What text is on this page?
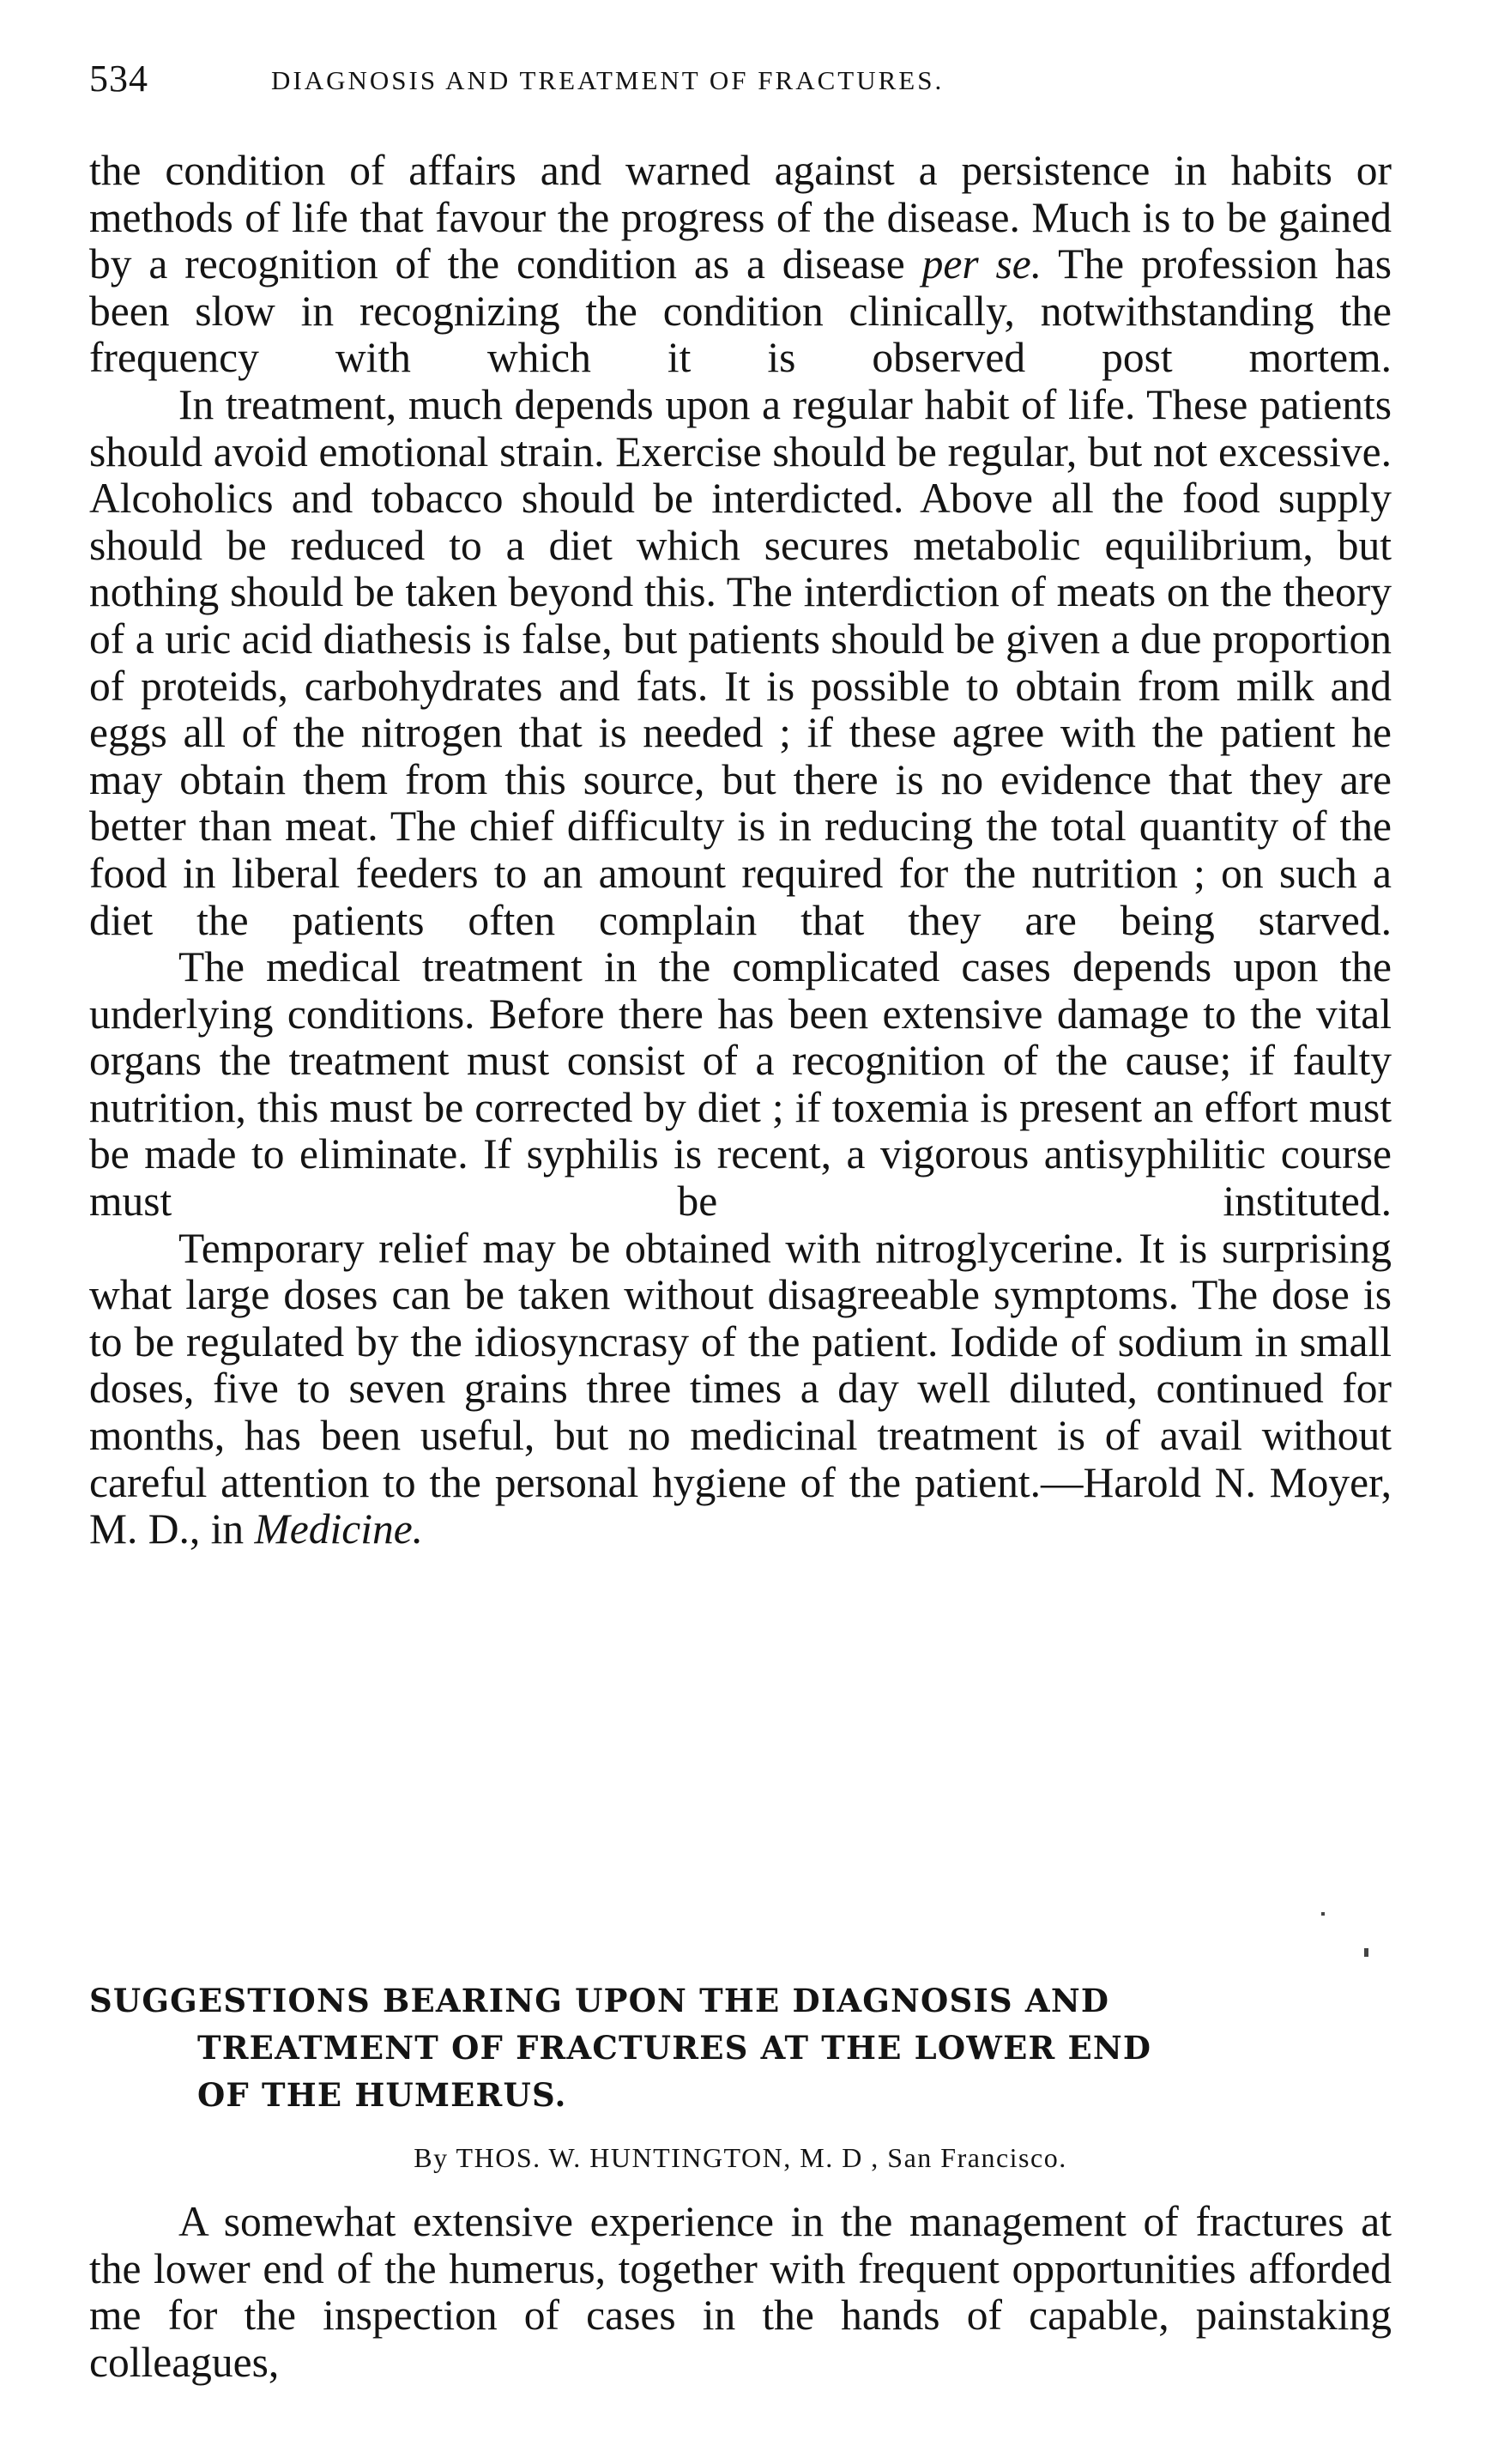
534	DIAGNOSIS AND TREATMENT OF FRACTURES.

the condition of affairs and warned against a persistence in habits or methods of life that favour the progress of the disease. Much is to be gained by a recognition of the condition as a disease per se. The profession has been slow in recognizing the condition clinically, notwithstanding the frequency with which it is observed post mortem.

In treatment, much depends upon a regular habit of life. These patients should avoid emotional strain. Exercise should be regular, but not excessive. Alcoholics and tobacco should be interdicted. Above all the food supply should be reduced to a diet which secures metabolic equilibrium, but nothing should be taken beyond this. The interdiction of meats on the theory of a uric acid diathesis is false, but patients should be given a due proportion of proteids, carbohydrates and fats. It is possible to obtain from milk and eggs all of the nitrogen that is needed ; if these agree with the patient he may obtain them from this source, but there is no evidence that they are better than meat. The chief difficulty is in reducing the total quantity of the food in liberal feeders to an amount required for the nutrition ; on such a diet the patients often complain that they are being starved.

The medical treatment in the complicated cases depends upon the underlying conditions. Before there has been extensive damage to the vital organs the treatment must consist of a recognition of the cause; if faulty nutrition, this must be corrected by diet ; if toxemia is present an effort must be made to eliminate. If syphilis is recent, a vigorous antisyphilitic course must be instituted.

Temporary relief may be obtained with nitroglycerine. It is surprising what large doses can be taken without disagreeable symptoms. The dose is to be regulated by the idiosyncrasy of the patient. Iodide of sodium in small doses, five to seven grains three times a day well diluted, continued for months, has been useful, but no medicinal treatment is of avail without careful attention to the personal hygiene of the patient.—Harold N. Moyer, M. D., in Medicine.

SUGGESTIONS BEARING UPON THE DIAGNOSIS AND
TREATMENT OF FRACTURES AT THE LOWER END
OF THE HUMERUS.

By THOS. W. HUNTINGTON, M. D , San Francisco.

A somewhat extensive experience in the management of fractures at the lower end of the humerus, together with frequent opportunities afforded me for the inspection of cases in the hands of capable, painstaking colleagues,
